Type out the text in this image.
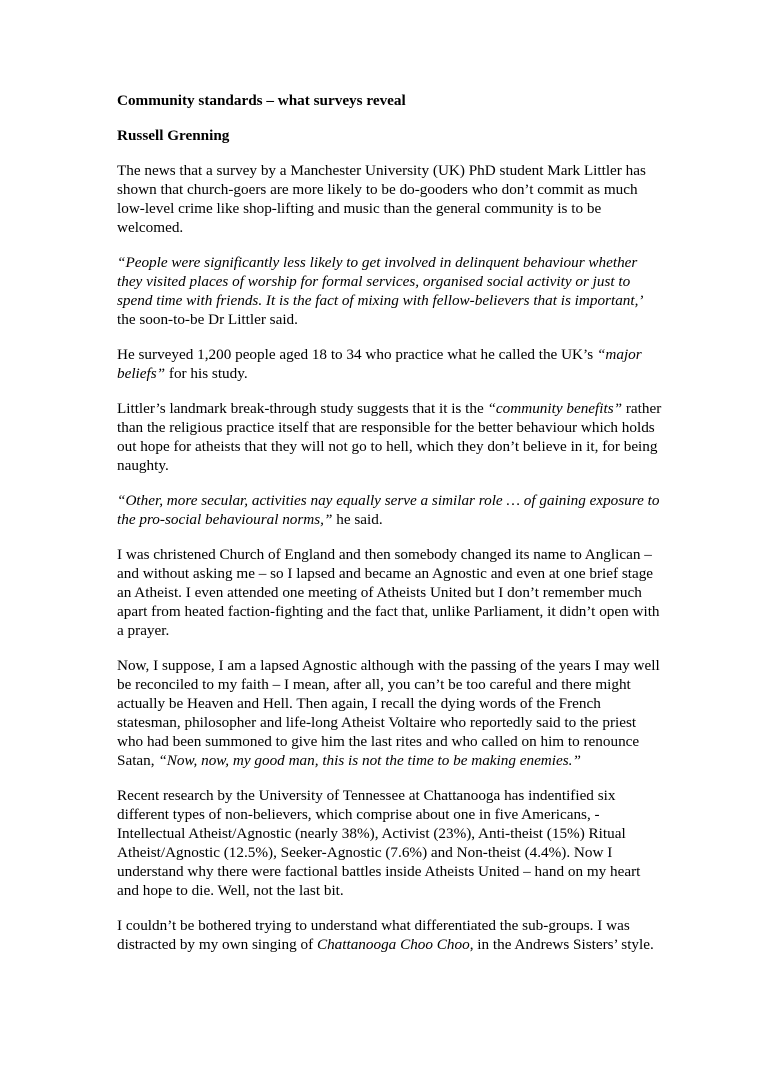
Community standards – what surveys reveal
Russell Grenning

The news that a survey by a Manchester University (UK) PhD student Mark Littler has shown that church-goers are more likely to be do-gooders who don’t commit as much low-level crime like shop-lifting and music than the general community is to be welcomed.

“People were significantly less likely to get involved in delinquent behaviour whether they visited places of worship for formal services, organised social activity or just to spend time with friends. It is the fact of mixing with fellow-believers that is important,’ the soon-to-be Dr Littler said.

He surveyed 1,200 people aged 18 to 34 who practice what he called the UK’s “major beliefs” for his study.

Littler’s landmark break-through study suggests that it is the “community benefits” rather than the religious practice itself that are responsible for the better behaviour which holds out hope for atheists that they will not go to hell, which they don’t believe in it, for being naughty.

“Other, more secular, activities nay equally serve a similar role … of gaining exposure to the pro-social behavioural norms,” he said.

I was christened Church of England and then somebody changed its name to Anglican – and without asking me – so I lapsed and became an Agnostic and even at one brief stage an Atheist. I even attended one meeting of Atheists United but I don’t remember much apart from heated faction-fighting and the fact that, unlike Parliament, it didn’t open with a prayer.

Now, I suppose, I am a lapsed Agnostic although with the passing of the years I may well be reconciled to my faith – I mean, after all, you can’t be too careful and there might actually be Heaven and Hell. Then again, I recall the dying words of the French statesman, philosopher and life-long Atheist Voltaire who reportedly said to the priest who had been summoned to give him the last rites and who called on him to renounce Satan, “Now, now, my good man, this is not the time to be making enemies.”

Recent research by the University of Tennessee at Chattanooga has indentified six different types of non-believers, which comprise about one in five Americans, - Intellectual Atheist/Agnostic (nearly 38%), Activist (23%), Anti-theist (15%) Ritual Atheist/Agnostic (12.5%), Seeker-Agnostic (7.6%) and Non-theist (4.4%). Now I understand why there were factional battles inside Atheists United – hand on my heart and hope to die. Well, not the last bit.

I couldn’t be bothered trying to understand what differentiated the sub-groups. I was distracted by my own singing of Chattanooga Choo Choo, in the Andrews Sisters’ style.
